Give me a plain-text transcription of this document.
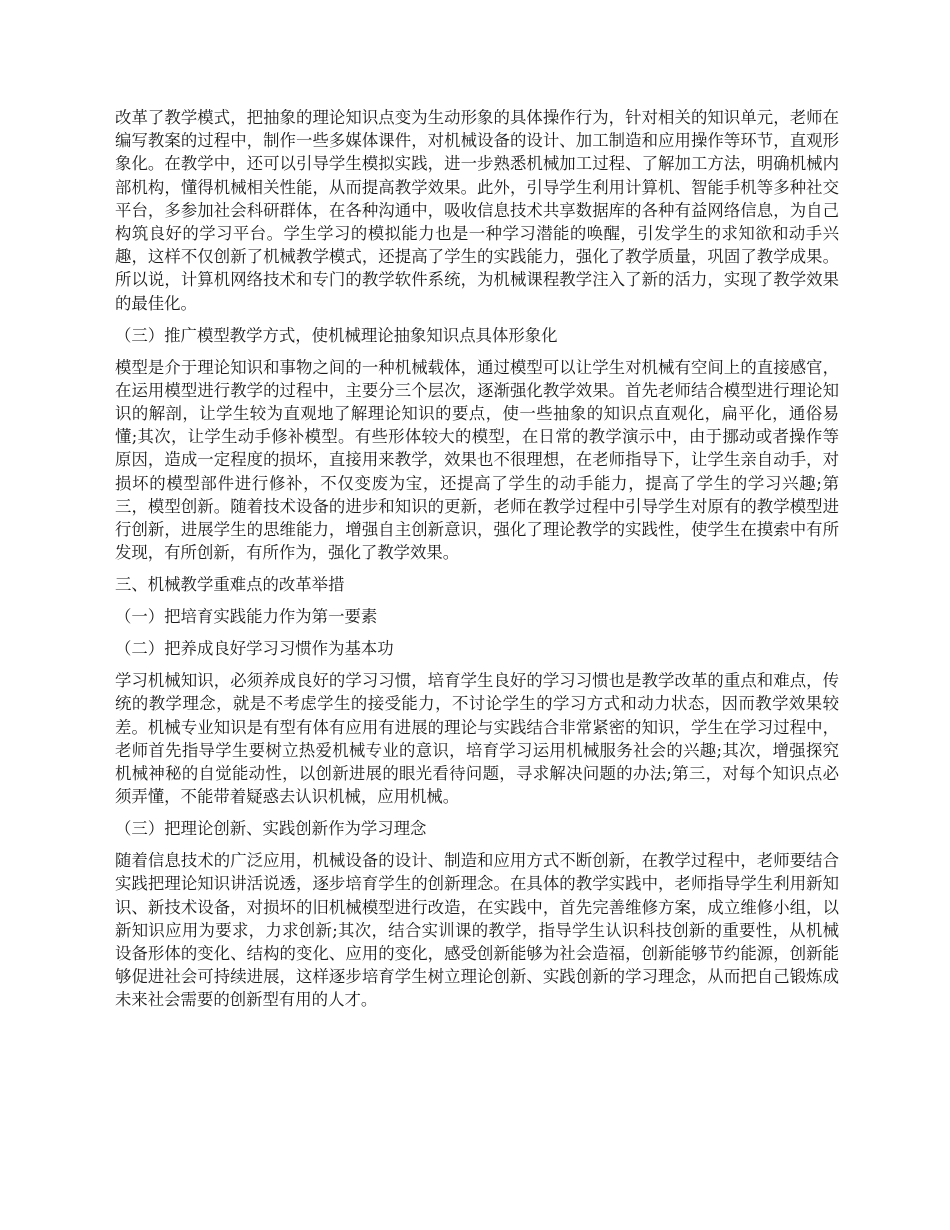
改革了教学模式，把抽象的理论知识点变为生动形象的具体操作行为，针对相关的知识单元，老师在编写教案的过程中，制作一些多媒体课件，对机械设备的设计、加工制造和应用操作等环节，直观形象化。在教学中，还可以引导学生模拟实践，进一步熟悉机械加工过程、了解加工方法，明确机械内部机构，懂得机械相关性能，从而提高教学效果。此外，引导学生利用计算机、智能手机等多种社交平台，多参加社会科研群体，在各种沟通中，吸收信息技术共享数据库的各种有益网络信息，为自己构筑良好的学习平台。学生学习的模拟能力也是一种学习潜能的唤醒，引发学生的求知欲和动手兴趣，这样不仅创新了机械教学模式，还提高了学生的实践能力，强化了教学质量，巩固了教学成果。所以说，计算机网络技术和专门的教学软件系统，为机械课程教学注入了新的活力，实现了教学效果的最佳化。

（三）推广模型教学方式，使机械理论抽象知识点具体形象化

模型是介于理论知识和事物之间的一种机械载体，通过模型可以让学生对机械有空间上的直接感官，在运用模型进行教学的过程中，主要分三个层次，逐渐强化教学效果。首先老师结合模型进行理论知识的解剖，让学生较为直观地了解理论知识的要点，使一些抽象的知识点直观化，扁平化，通俗易懂;其次，让学生动手修补模型。有些形体较大的模型，在日常的教学演示中，由于挪动或者操作等原因，造成一定程度的损坏，直接用来教学，效果也不很理想，在老师指导下，让学生亲自动手，对损坏的模型部件进行修补，不仅变废为宝，还提高了学生的动手能力，提高了学生的学习兴趣;第三，模型创新。随着技术设备的进步和知识的更新，老师在教学过程中引导学生对原有的教学模型进行创新，进展学生的思维能力，增强自主创新意识，强化了理论教学的实践性，使学生在摸索中有所发现，有所创新，有所作为，强化了教学效果。

三、机械教学重难点的改革举措

（一）把培育实践能力作为第一要素

（二）把养成良好学习习惯作为基本功

学习机械知识，必须养成良好的学习习惯，培育学生良好的学习习惯也是教学改革的重点和难点，传统的教学理念，就是不考虑学生的接受能力，不讨论学生的学习方式和动力状态，因而教学效果较差。机械专业知识是有型有体有应用有进展的理论与实践结合非常紧密的知识，学生在学习过程中，老师首先指导学生要树立热爱机械专业的意识，培育学习运用机械服务社会的兴趣;其次，增强探究机械神秘的自觉能动性，以创新进展的眼光看待问题，寻求解决问题的办法;第三，对每个知识点必须弄懂，不能带着疑惑去认识机械，应用机械。

（三）把理论创新、实践创新作为学习理念

随着信息技术的广泛应用，机械设备的设计、制造和应用方式不断创新，在教学过程中，老师要结合实践把理论知识讲活说透，逐步培育学生的创新理念。在具体的教学实践中，老师指导学生利用新知识、新技术设备，对损坏的旧机械模型进行改造，在实践中，首先完善维修方案，成立维修小组，以新知识应用为要求，力求创新;其次，结合实训课的教学，指导学生认识科技创新的重要性，从机械设备形体的变化、结构的变化、应用的变化，感受创新能够为社会造福，创新能够节约能源，创新能够促进社会可持续进展，这样逐步培育学生树立理论创新、实践创新的学习理念，从而把自己锻炼成未来社会需要的创新型有用的人才。
